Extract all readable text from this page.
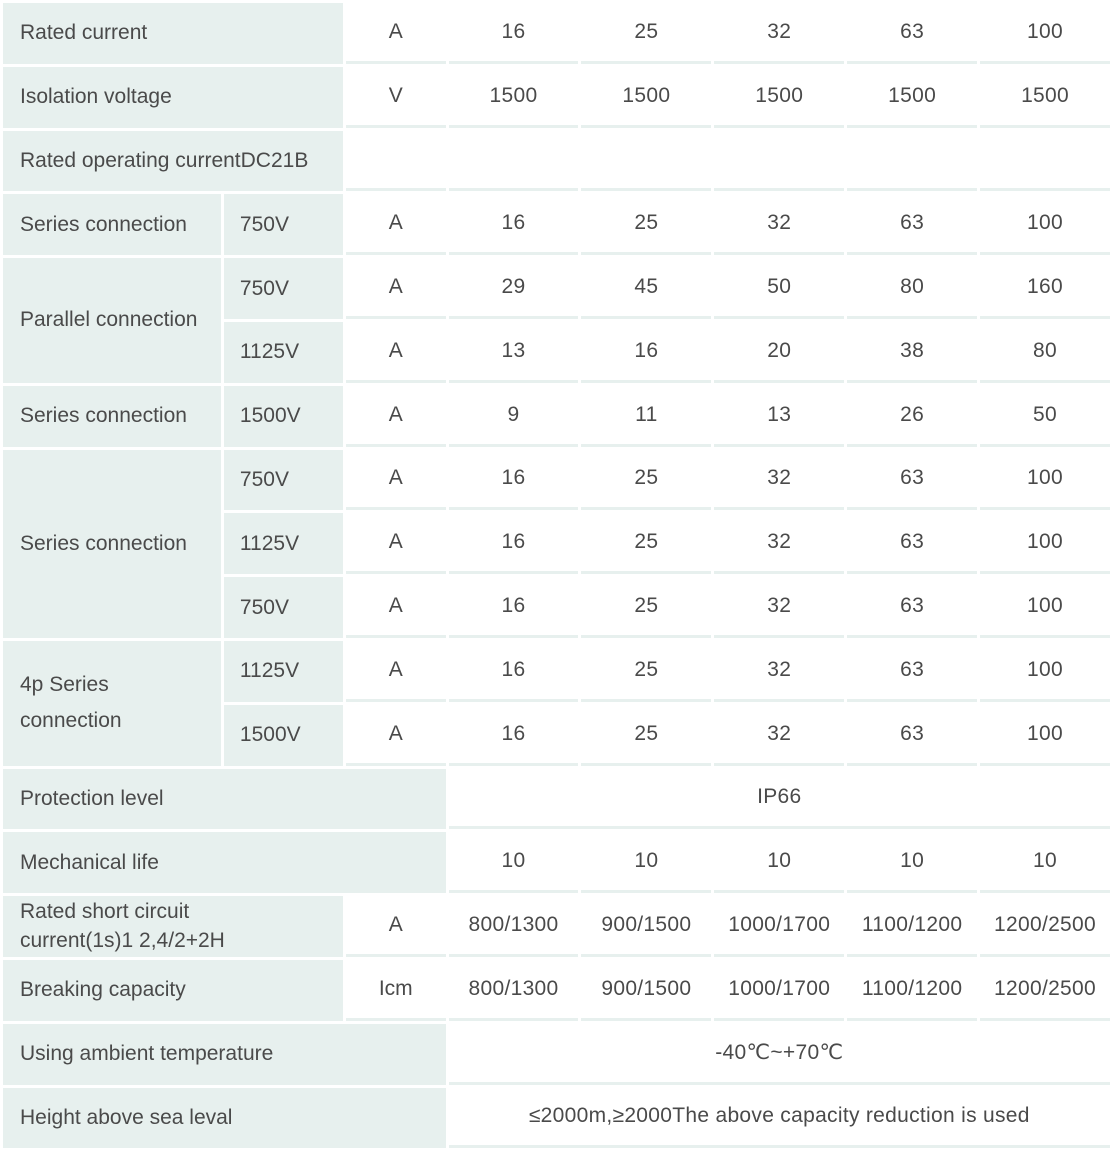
Rated current		A	16	25	32	63	100
Isolation voltage		V	1500	1500	1500	1500	1500
Rated operating currentDC21B							
Series connection	750V	A	16	25	32	63	100
Parallel connection	750V	A	29	45	50	80	160
	1125V	A	13	16	20	38	80
Series connection	1500V	A	9	11	13	26	50
Series connection	750V	A	16	25	32	63	100
	1125V	A	16	25	32	63	100
	750V	A	16	25	32	63	100

4p Series
connection	1125V	A	16	25	32	63	100
	1500V	A	16	25	32	63	100
Protection level			IP66				
Mechanical life			10	10	10	10	10

Rated short circuit
current(1s)1 2,4/2+2H		A	800/1300	900/1500	1000/1700	1100/1200	1200/2500
Breaking capacity		Icm	800/1300	900/1500	1000/1700	1100/1200	1200/2500
Using ambient temperature			-40℃~+70℃				
Height above sea leval			≤2000m,≥2000The above capacity reduction is used				
